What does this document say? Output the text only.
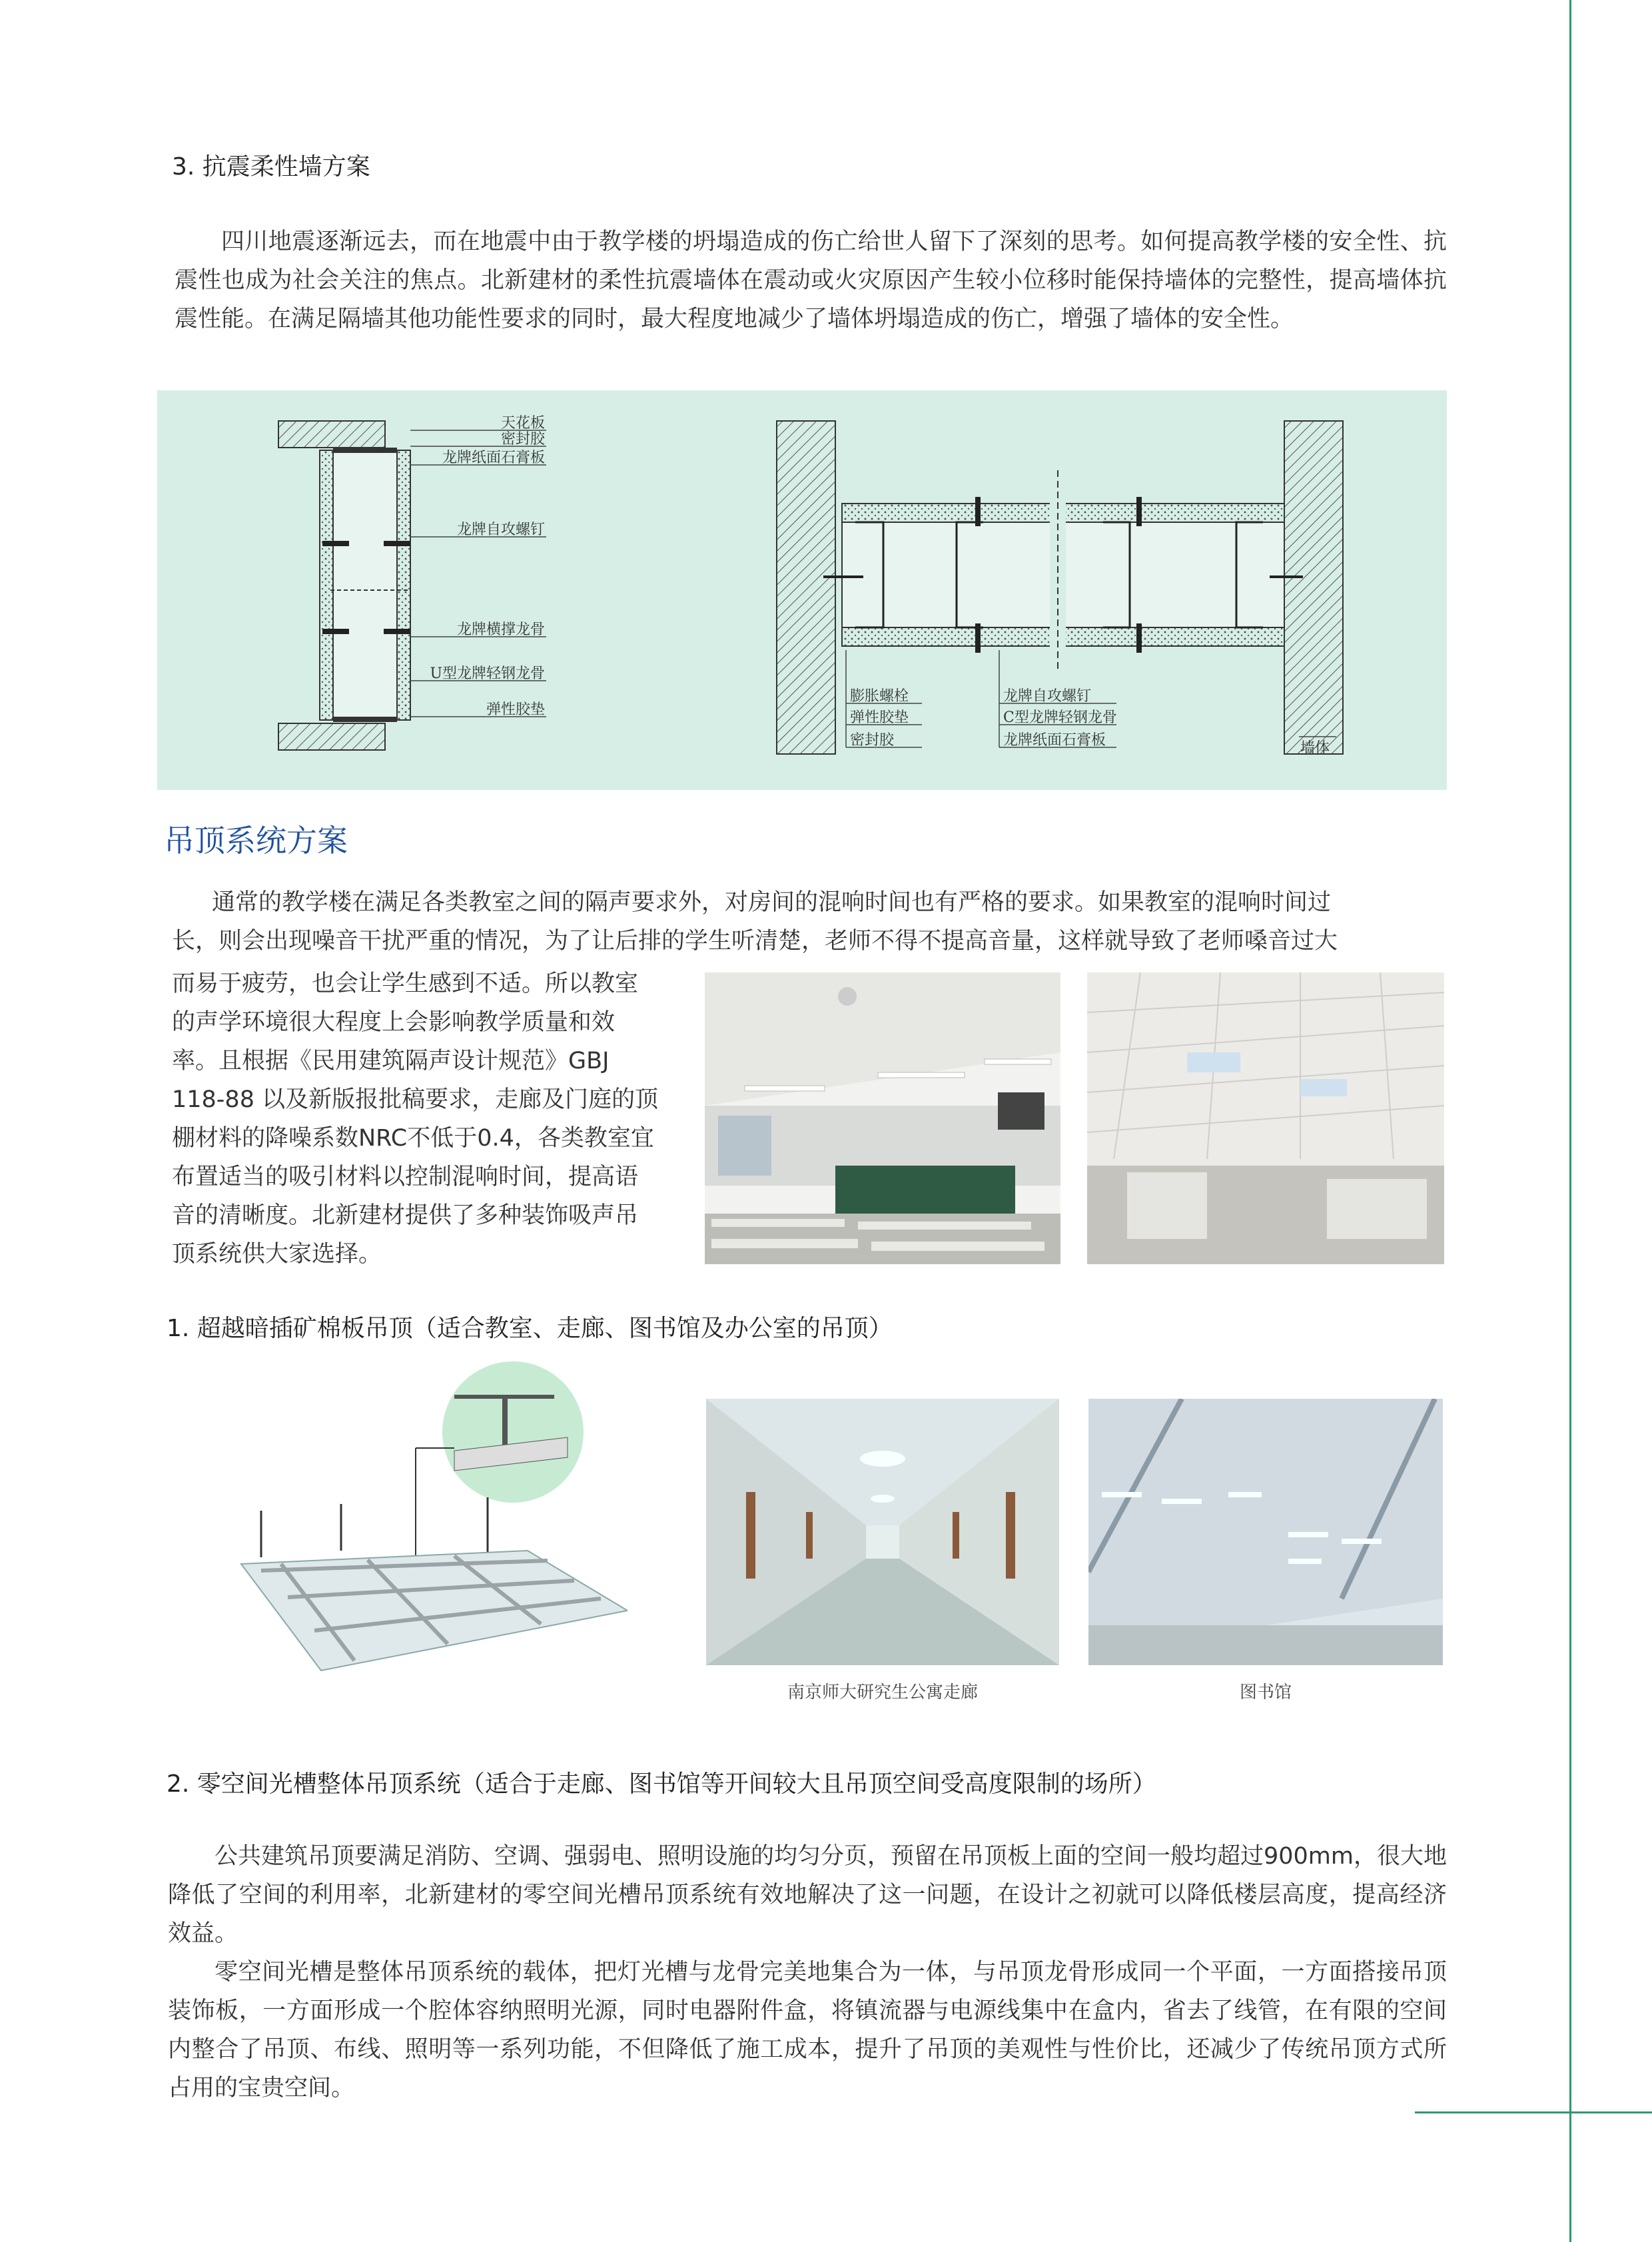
3. 抗震柔性墙方案

四川地震逐渐远去，而在地震中由于教学楼的坍塌造成的伤亡给世人留下了深刻的思考。如何提高教学楼的安全性、抗震性也成为社会关注的焦点。北新建材的柔性抗震墙体在震动或火灾原因产生较小位移时能保持墙体的完整性，提高墙体抗震性能。在满足隔墙其他功能性要求的同时，最大程度地减少了墙体坍塌造成的伤亡，增强了墙体的安全性。

天花板
密封胶
龙牌纸面石膏板
龙牌自攻螺钉
龙牌横撑龙骨
U型龙牌轻钢龙骨
弹性胶垫
膨胀螺栓
弹性胶垫
密封胶
龙牌自攻螺钉
C型龙牌轻钢龙骨
龙牌纸面石膏板	墙体
吊顶系统方案
通常的教学楼在满足各类教室之间的隔声要求外，对房间的混响时间也有严格的要求。如果教室的混响时间过
长，则会出现噪音干扰严重的情况，为了让后排的学生听清楚，老师不得不提高音量，这样就导致了老师嗓音过大
而易于疲劳，也会让学生感到不适。所以教室
的声学环境很大程度上会影响教学质量和效
率。且根据《民用建筑隔声设计规范》GBJ
118-88 以及新版报批稿要求，走廊及门庭的顶
棚材料的降噪系数NRC不低于0.4，各类教室宜
布置适当的吸引材料以控制混响时间，提高语
音的清晰度。北新建材提供了多种装饰吸声吊
顶系统供大家选择。
1. 超越暗插矿棉板吊顶（适合教室、走廊、图书馆及办公室的吊顶）
南京师大研究生公寓走廊	图书馆
2. 零空间光槽整体吊顶系统（适合于走廊、图书馆等开间较大且吊顶空间受高度限制的场所）

公共建筑吊顶要满足消防、空调、强弱电、照明设施的均匀分页，预留在吊顶板上面的空间一般均超过900mm，很大地降低了空间的利用率，北新建材的零空间光槽吊顶系统有效地解决了这一问题，在设计之初就可以降低楼层高度，提高经济效益。

零空间光槽是整体吊顶系统的载体，把灯光槽与龙骨完美地集合为一体，与吊顶龙骨形成同一个平面，一方面搭接吊顶装饰板，一方面形成一个腔体容纳照明光源，同时电器附件盒，将镇流器与电源线集中在盒内，省去了线管，在有限的空间内整合了吊顶、布线、照明等一系列功能，不但降低了施工成本，提升了吊顶的美观性与性价比，还减少了传统吊顶方式所占用的宝贵空间。
